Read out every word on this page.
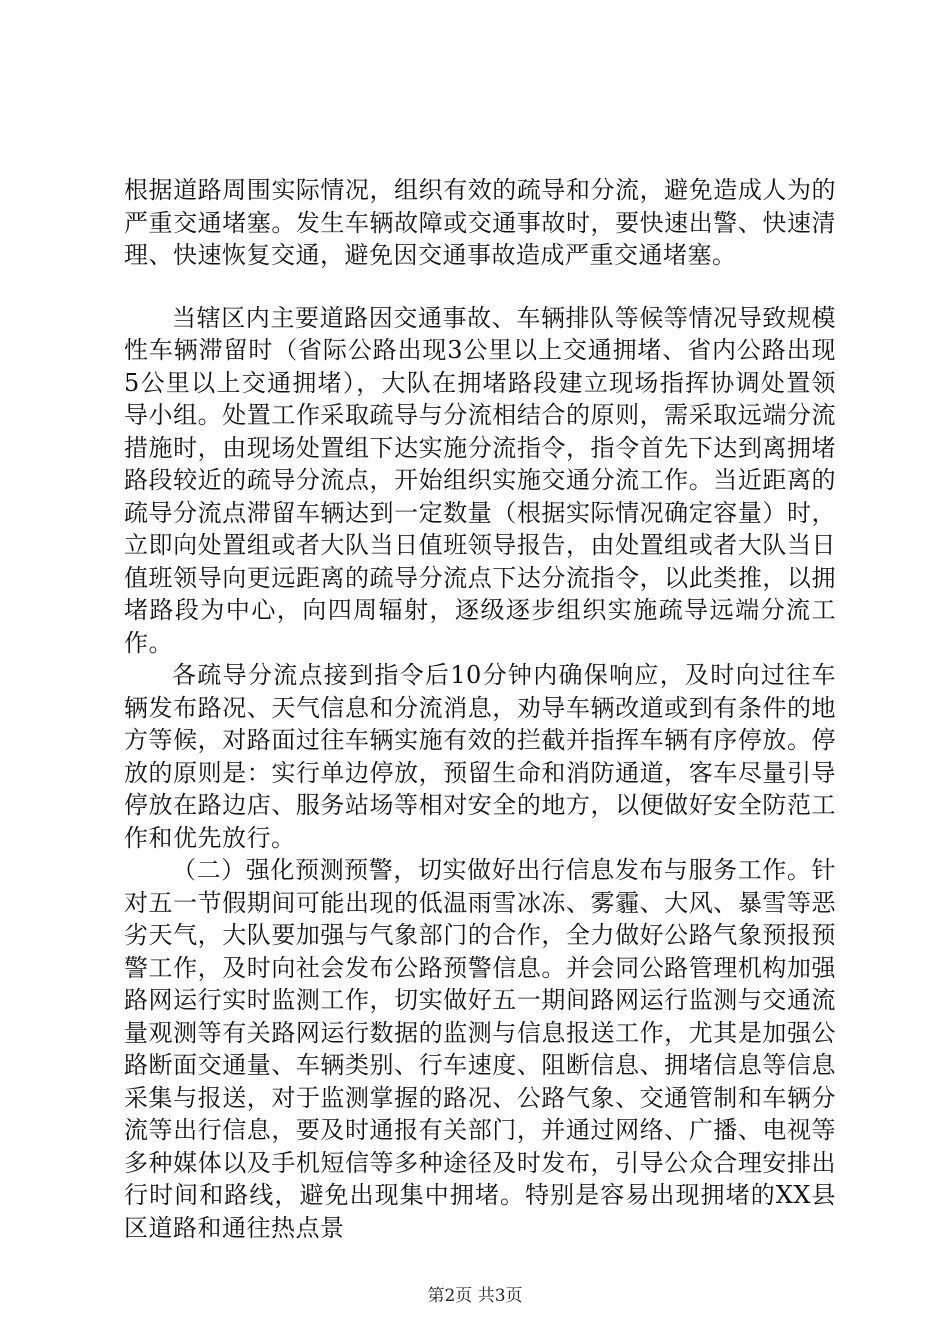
根据道路周围实际情况，组织有效的疏导和分流，避免造成人为的严重交通堵塞。发生车辆故障或交通事故时，要快速出警、快速清理、快速恢复交通，避免因交通事故造成严重交通堵塞。

当辖区内主要道路因交通事故、车辆排队等候等情况导致规模性车辆滞留时（省际公路出现3公里以上交通拥堵、省内公路出现5公里以上交通拥堵），大队在拥堵路段建立现场指挥协调处置领导小组。处置工作采取疏导与分流相结合的原则，需采取远端分流措施时，由现场处置组下达实施分流指令，指令首先下达到离拥堵路段较近的疏导分流点，开始组织实施交通分流工作。当近距离的疏导分流点滞留车辆达到一定数量（根据实际情况确定容量）时，立即向处置组或者大队当日值班领导报告，由处置组或者大队当日值班领导向更远距离的疏导分流点下达分流指令，以此类推，以拥堵路段为中心，向四周辐射，逐级逐步组织实施疏导远端分流工作。

各疏导分流点接到指令后10分钟内确保响应，及时向过往车辆发布路况、天气信息和分流消息，劝导车辆改道或到有条件的地方等候，对路面过往车辆实施有效的拦截并指挥车辆有序停放。停放的原则是：实行单边停放，预留生命和消防通道，客车尽量引导停放在路边店、服务站场等相对安全的地方，以便做好安全防范工作和优先放行。

（二）强化预测预警，切实做好出行信息发布与服务工作。针对五一节假期间可能出现的低温雨雪冰冻、雾霾、大风、暴雪等恶劣天气，大队要加强与气象部门的合作，全力做好公路气象预报预警工作，及时向社会发布公路预警信息。并会同公路管理机构加强路网运行实时监测工作，切实做好五一期间路网运行监测与交通流量观测等有关路网运行数据的监测与信息报送工作，尤其是加强公路断面交通量、车辆类别、行车速度、阻断信息、拥堵信息等信息采集与报送，对于监测掌握的路况、公路气象、交通管制和车辆分流等出行信息，要及时通报有关部门，并通过网络、广播、电视等多种媒体以及手机短信等多种途径及时发布，引导公众合理安排出行时间和路线，避免出现集中拥堵。特别是容易出现拥堵的XX县区道路和通往热点景

第2页 共3页
